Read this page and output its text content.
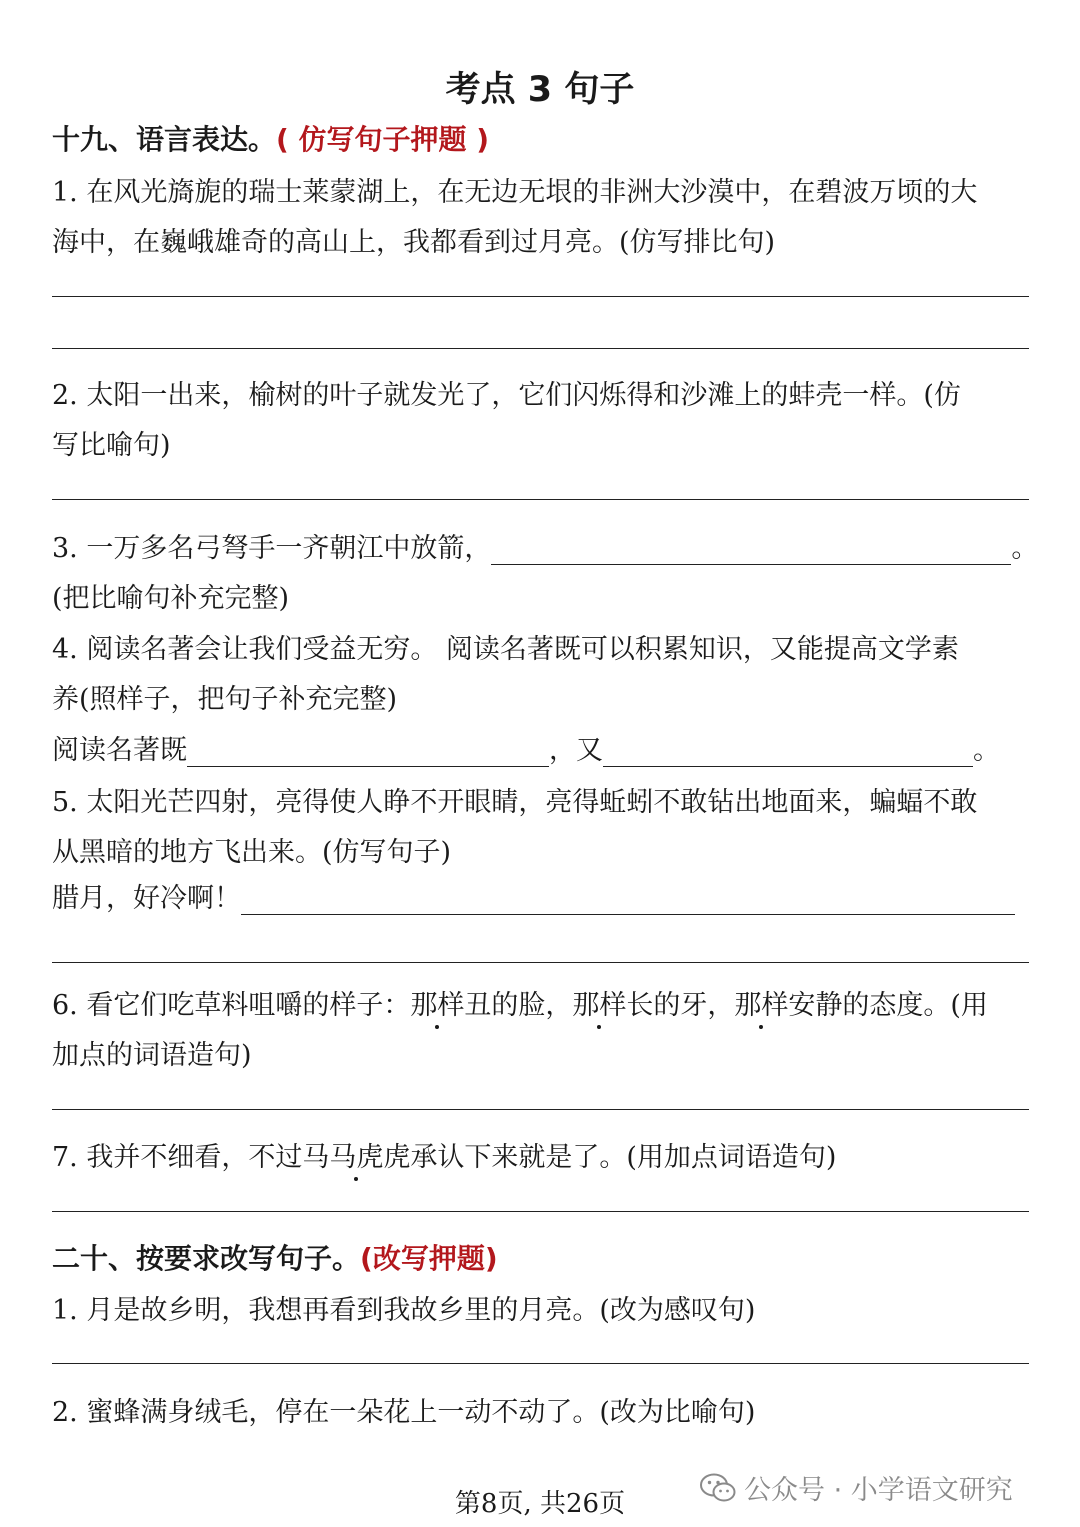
考点 3 句子
十九、语言表达。( 仿写句子押题 )
1. 在风光旖旎的瑞士莱蒙湖上，在无边无垠的非洲大沙漠中，在碧波万顷的大
海中，在巍峨雄奇的高山上，我都看到过月亮。(仿写排比句)
2. 太阳一出来，榆树的叶子就发光了，它们闪烁得和沙滩上的蚌壳一样。(仿
写比喻句)
3. 一万多名弓弩手一齐朝江中放箭，	。
(把比喻句补充完整)
4. 阅读名著会让我们受益无穷。 阅读名著既可以积累知识，又能提高文学素
养(照样子，把句子补充完整)
阅读名著既	，又	。
5. 太阳光芒四射，亮得使人睁不开眼睛，亮得蚯蚓不敢钻出地面来，蝙蝠不敢
从黑暗的地方飞出来。(仿写句子)
腊月，好冷啊！
6. 看它们吃草料咀嚼的样子：那样丑的脸，那样长的牙，那样安静的态度。(用
加点的词语造句)
7. 我并不细看，不过马马虎虎承认下来就是了。(用加点词语造句)
二十、按要求改写句子。(改写押题)
1. 月是故乡明，我想再看到我故乡里的月亮。(改为感叹句)
2. 蜜蜂满身绒毛，停在一朵花上一动不动了。(改为比喻句)
第8页, 共26页	公众号 · 小学语文研究
